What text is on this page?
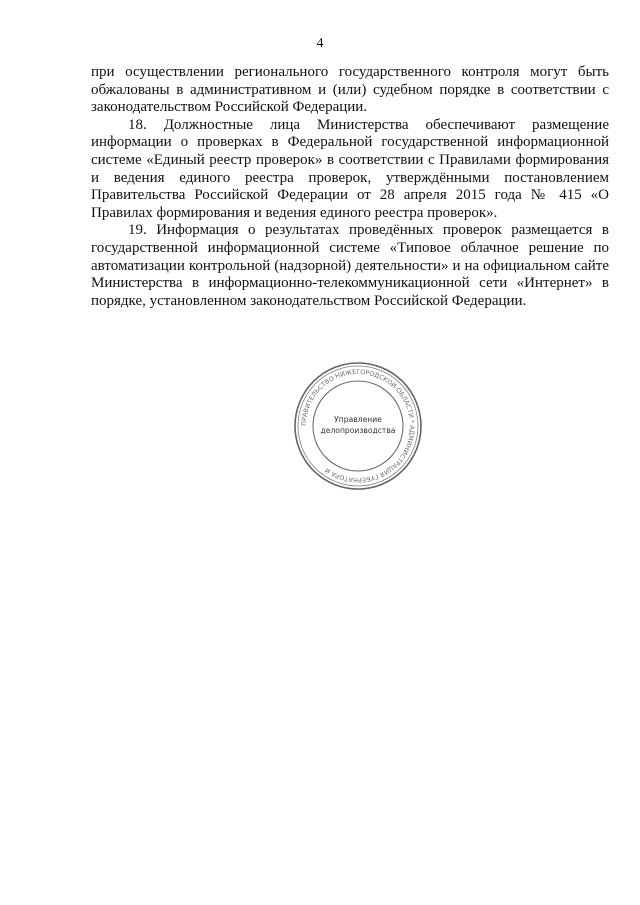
4

при осуществлении регионального государственного контроля могут быть обжалованы в административном и (или) судебном порядке в соответствии с законодательством Российской Федерации.

18. Должностные лица Министерства обеспечивают размещение информации о проверках в Федеральной государственной информационной системе «Единый реестр проверок» в соответствии с Правилами формирования и ведения единого реестра проверок, утверждёнными постановлением Правительства Российской Федерации от 28 апреля 2015 года № 415 «О Правилах формирования и ведения единого реестра проверок».

19. Информация о результатах проведённых проверок размещается в государственной информационной системе «Типовое облачное решение по автоматизации контрольной (надзорной) деятельности» и на официальном сайте Министерства в информационно-телекоммуникационной сети «Интернет» в порядке, установленном законодательством Российской Федерации.

ПРАВИТЕЛЬСТВО НИЖЕГОРОДСКОЙ ОБЛАСТИ * АДМИНИСТРАЦИЯ ГУБЕРНАТОРА И
Управление
делопроизводства
